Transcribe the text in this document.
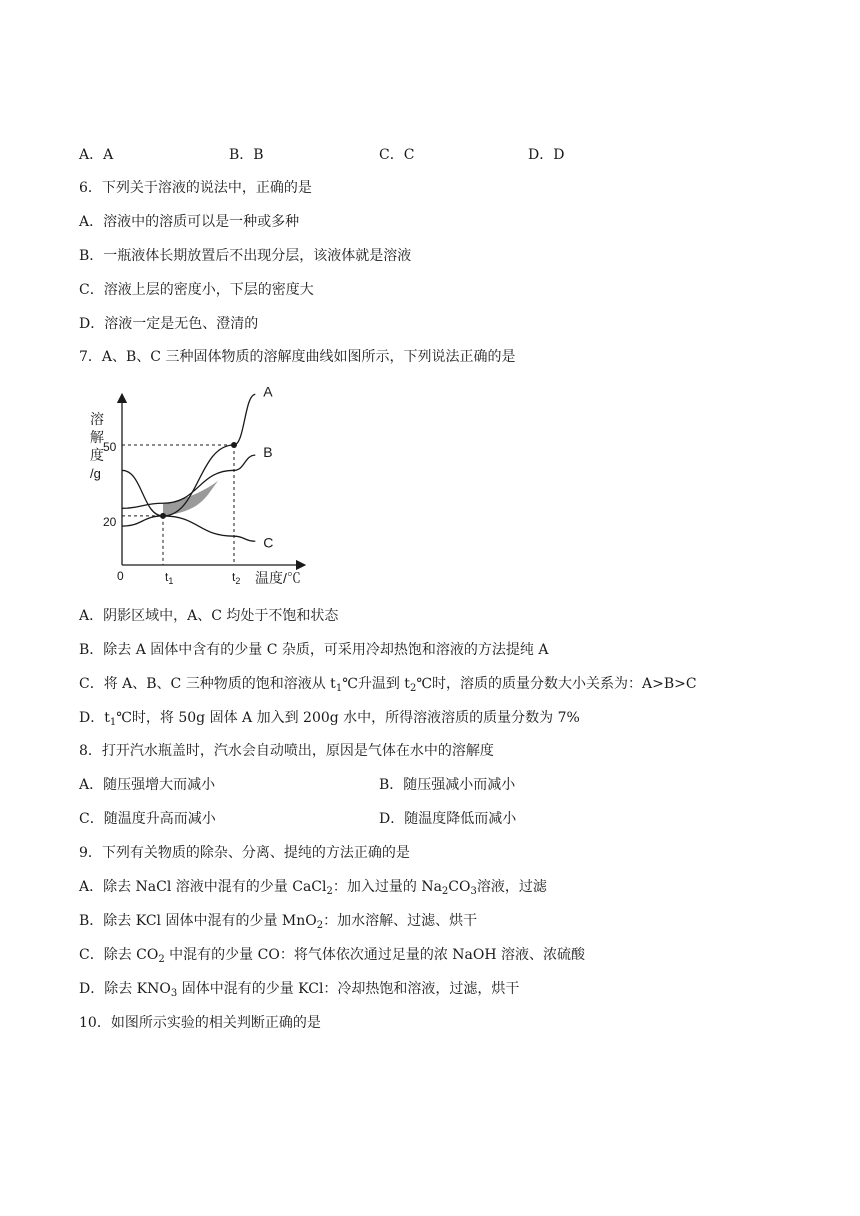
A．A	B．B	C．C	D．D
6．下列关于溶液的说法中，正确的是
A．溶液中的溶质可以是一种或多种
B．一瓶液体长期放置后不出现分层，该液体就是溶液
C．溶液上层的密度小，下层的密度大
D．溶液一定是无色、澄清的
7．A、B、C 三种固体物质的溶解度曲线如图所示，下列说法正确的是
A
B
C
溶
解
度
/g
50
20
0	$t_1$	$t_2$ 温度/℃
A．阴影区域中，A、C 均处于不饱和状态
B．除去 A 固体中含有的少量 C 杂质，可采用冷却热饱和溶液的方法提纯 A
C．将 A、B、C 三种物质的饱和溶液从 $t_1℃$升温到 $t_2℃$时，溶质的质量分数大小关系为：A>B>C
D．$t_1℃$时，将 50g 固体 A 加入到 200g 水中，所得溶液溶质的质量分数为 7%
8．打开汽水瓶盖时，汽水会自动喷出，原因是气体在水中的溶解度
A．随压强增大而减小	B．随压强减小而减小
C．随温度升高而减小	D．随温度降低而减小
9．下列有关物质的除杂、分离、提纯的方法正确的是
A．除去 NaCl 溶液中混有的少量 CaCl$_2$：加入过量的 $Na_2CO_3$溶液，过滤
B．除去 KCl 固体中混有的少量 MnO$_2$：加水溶解、过滤、烘干
C．除去 $CO_2$ 中混有的少量 CO：将气体依次通过足量的浓 NaOH 溶液、浓硫酸
D．除去 $KNO_3$ 固体中混有的少量 KCl：冷却热饱和溶液，过滤，烘干
10．如图所示实验的相关判断正确的是
